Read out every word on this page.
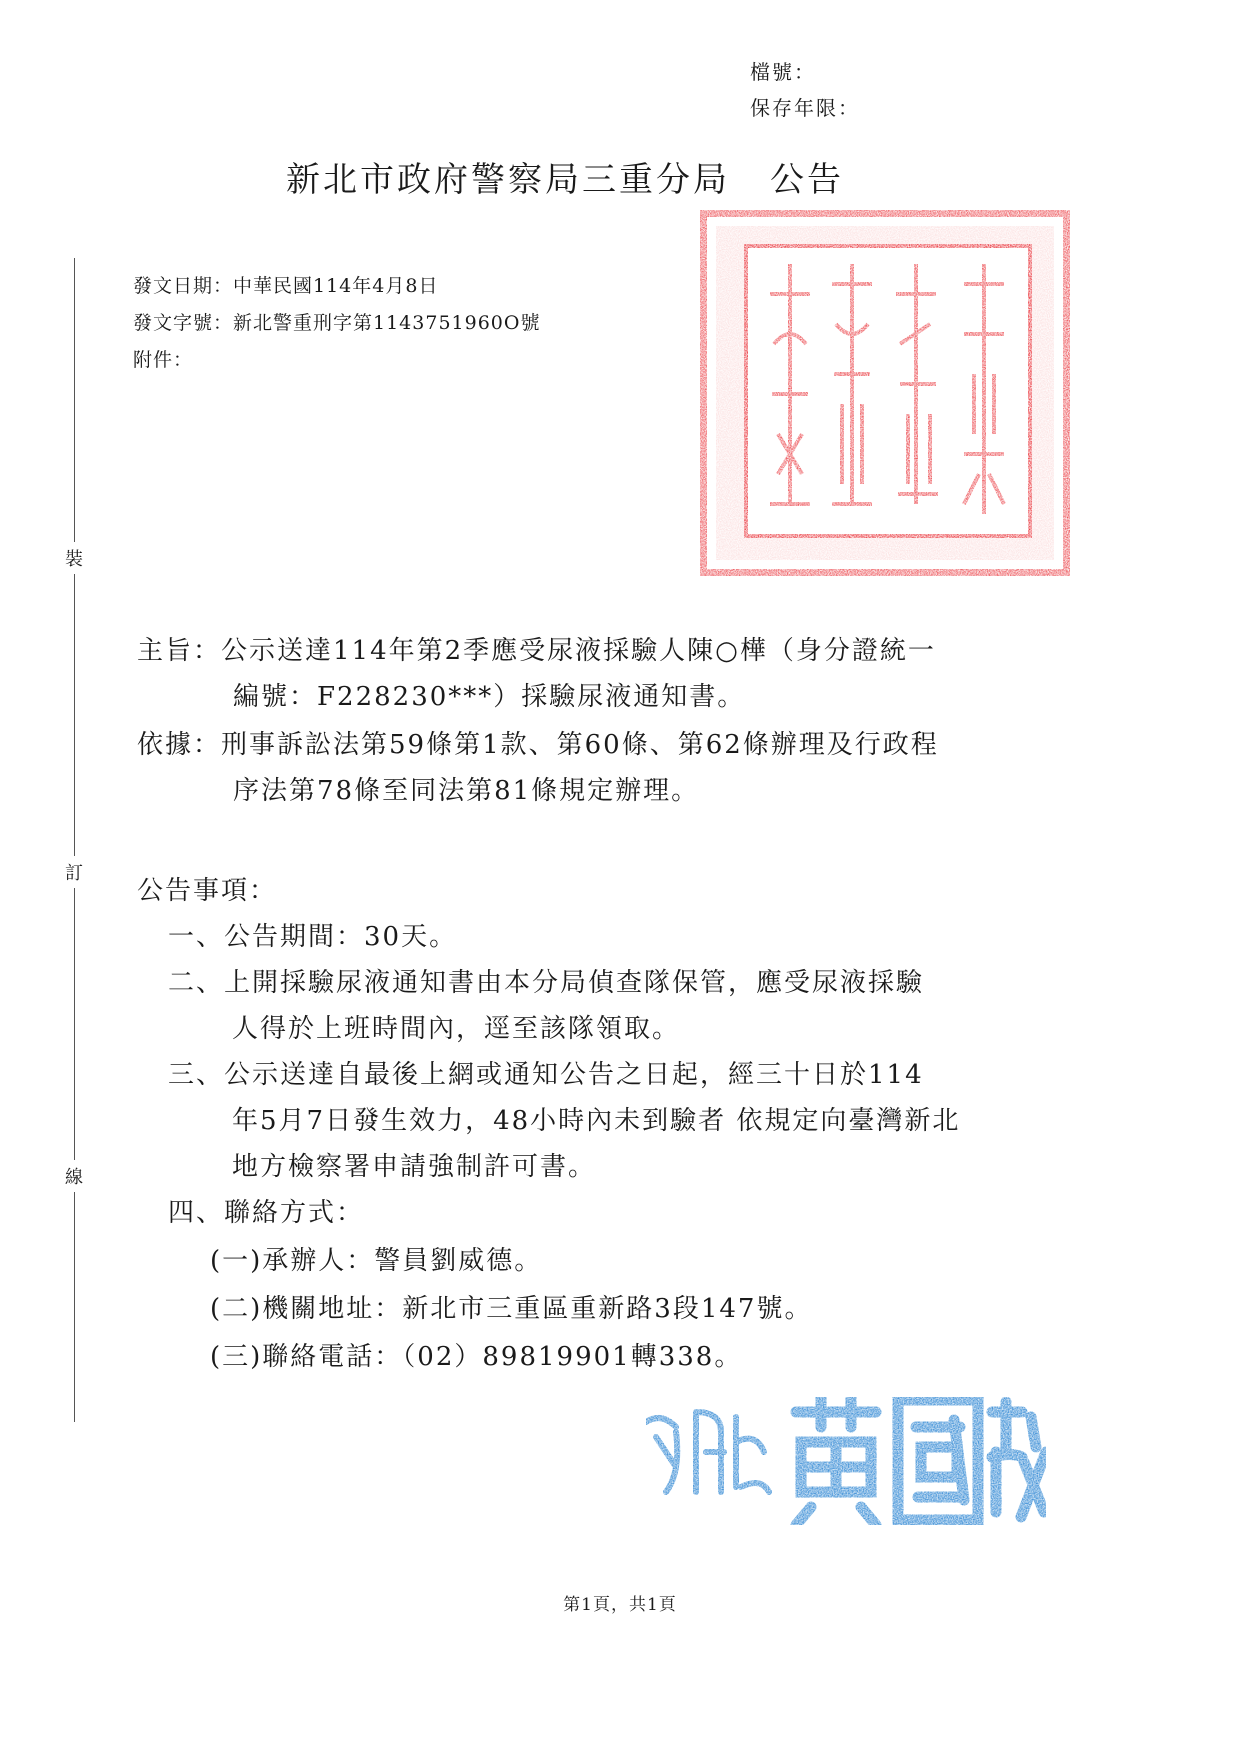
檔號：
保存年限：
新北市政府警察局三重分局 公告
裝
訂
線
發文日期：中華民國114年4月8日
發文字號：新北警重刑字第1143751960O號
附件：
主旨：公示送達114年第2季應受尿液採驗人陳○樺（身分證統一
編號：F228230***）採驗尿液通知書。
依據：刑事訴訟法第59條第1款、第60條、第62條辦理及行政程
序法第78條至同法第81條規定辦理。
公告事項：
一、公告期間：30天。
二、上開採驗尿液通知書由本分局偵查隊保管，應受尿液採驗
人得於上班時間內，逕至該隊領取。
三、公示送達自最後上網或通知公告之日起，經三十日於114
年5月7日發生效力，48小時內未到驗者 依規定向臺灣新北
地方檢察署申請強制許可書。
四、聯絡方式：
(一)承辦人：警員劉威德。
(二)機關地址：新北市三重區重新路3段147號。
(三)聯絡電話：（02）89819901轉338。
第1頁，共1頁
